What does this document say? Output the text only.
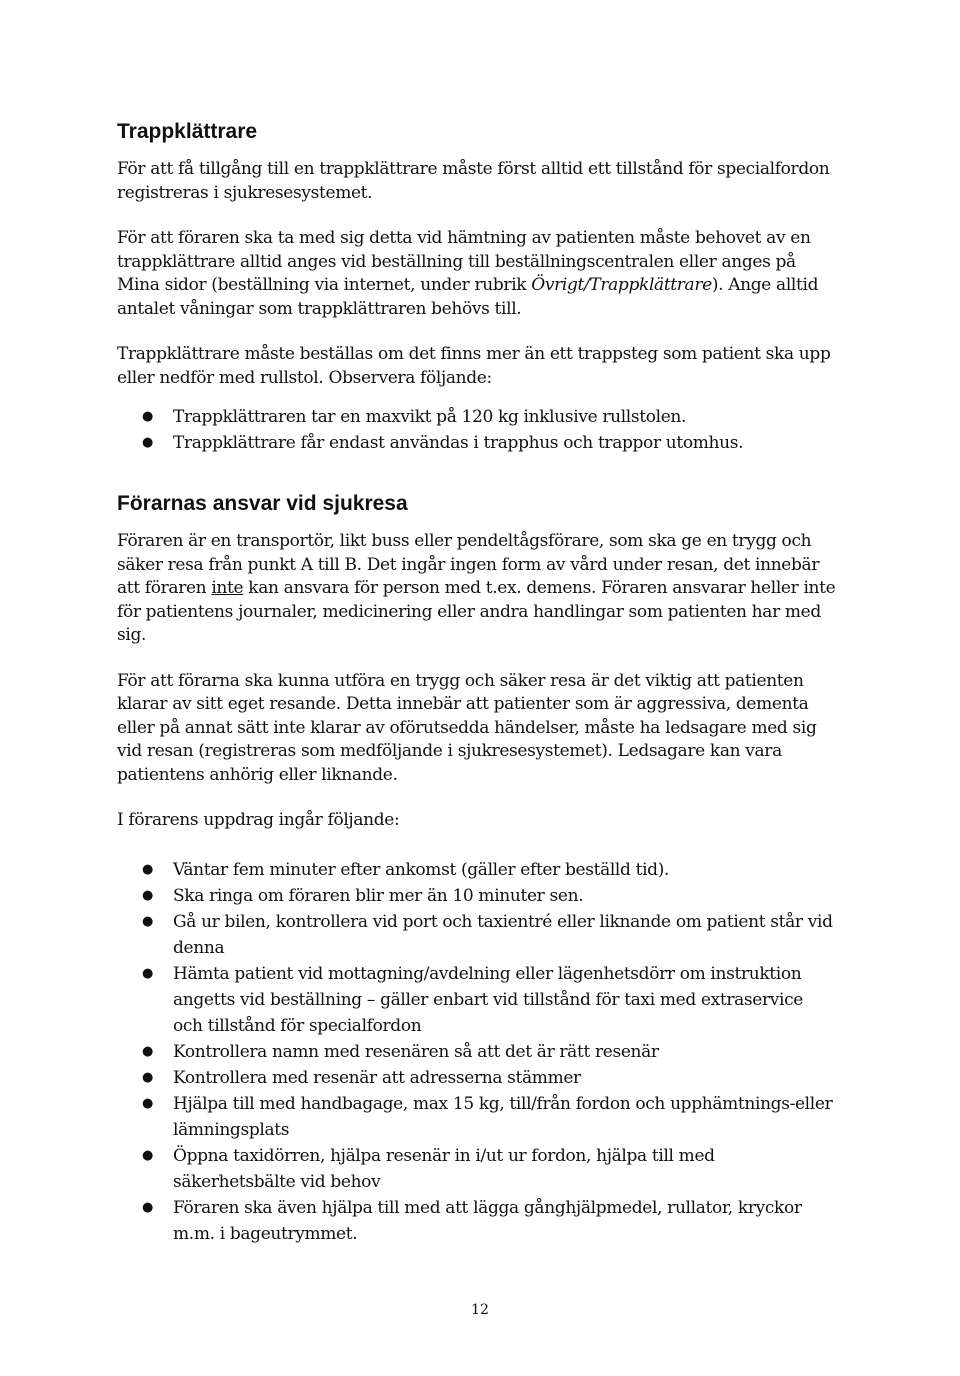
Trappklättrare

För att få tillgång till en trappklättrare måste först alltid ett tillstånd för specialfordon registreras i sjukresesystemet.

För att föraren ska ta med sig detta vid hämtning av patienten måste behovet av en trappklättrare alltid anges vid beställning till beställningscentralen eller anges på Mina sidor (beställning via internet, under rubrik Övrigt/Trappklättrare). Ange alltid antalet våningar som trappklättraren behövs till.

Trappklättrare måste beställas om det finns mer än ett trappsteg som patient ska upp eller nedför med rullstol. Observera följande:

● Trappklättraren tar en maxvikt på 120 kg inklusive rullstolen.
● Trappklättrare får endast användas i trapphus och trappor utomhus.
Förarnas ansvar vid sjukresa

Föraren är en transportör, likt buss eller pendeltågsförare, som ska ge en trygg och säker resa från punkt A till B. Det ingår ingen form av vård under resan, det innebär att föraren inte kan ansvara för person med t.ex. demens. Föraren ansvarar heller inte för patientens journaler, medicinering eller andra handlingar som patienten har med sig.

För att förarna ska kunna utföra en trygg och säker resa är det viktig att patienten klarar av sitt eget resande. Detta innebär att patienter som är aggressiva, dementa eller på annat sätt inte klarar av oförutsedda händelser, måste ha ledsagare med sig vid resan (registreras som medföljande i sjukresesystemet). Ledsagare kan vara patientens anhörig eller liknande.

I förarens uppdrag ingår följande:

● Väntar fem minuter efter ankomst (gäller efter beställd tid).
● Ska ringa om föraren blir mer än 10 minuter sen.
● Gå ur bilen, kontrollera vid port och taxientré eller liknande om patient står vid denna
● Hämta patient vid mottagning/avdelning eller lägenhetsdörr om instruktion angetts vid beställning – gäller enbart vid tillstånd för taxi med extraservice och tillstånd för specialfordon
● Kontrollera namn med resenären så att det är rätt resenär
● Kontrollera med resenär att adresserna stämmer
● Hjälpa till med handbagage, max 15 kg, till/från fordon och upphämtnings-eller lämningsplats
● Öppna taxidörren, hjälpa resenär in i/ut ur fordon, hjälpa till med säkerhetsbälte vid behov
● Föraren ska även hjälpa till med att lägga gånghjälpmedel, rullator, kryckor m.m. i bageutrymmet.
12
